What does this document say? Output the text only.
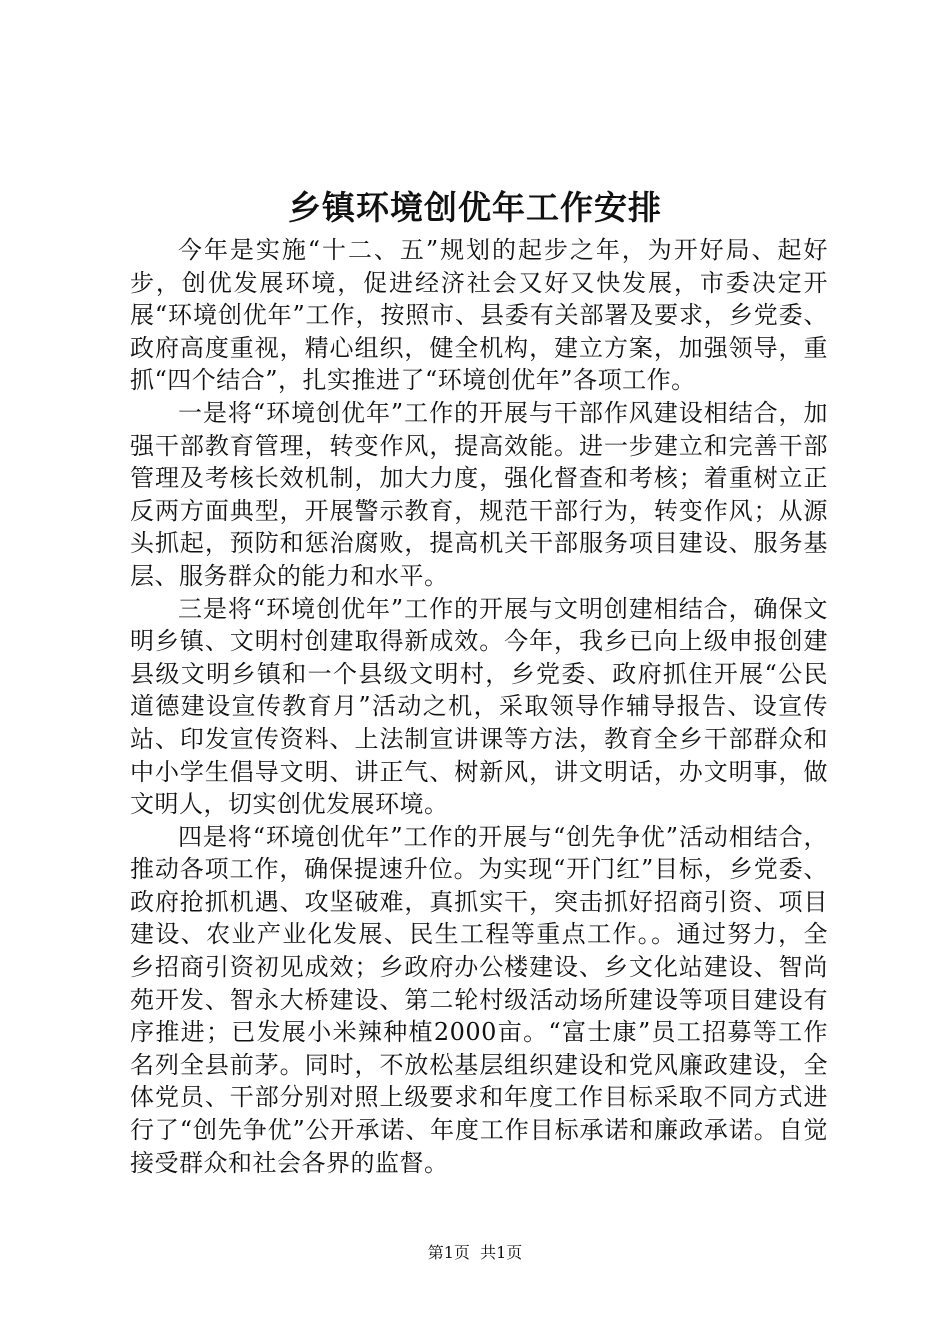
乡镇环境创优年工作安排

今年是实施“十二、五”规划的起步之年，为开好局、起好步，创优发展环境，促进经济社会又好又快发展，市委决定开展“环境创优年”工作，按照市、县委有关部署及要求，乡党委、政府高度重视，精心组织，健全机构，建立方案，加强领导，重抓“四个结合”，扎实推进了“环境创优年”各项工作。

一是将“环境创优年”工作的开展与干部作风建设相结合，加强干部教育管理，转变作风，提高效能。进一步建立和完善干部管理及考核长效机制，加大力度，强化督查和考核；着重树立正反两方面典型，开展警示教育，规范干部行为，转变作风；从源头抓起，预防和惩治腐败，提高机关干部服务项目建设、服务基层、服务群众的能力和水平。

三是将“环境创优年”工作的开展与文明创建相结合，确保文明乡镇、文明村创建取得新成效。今年，我乡已向上级申报创建县级文明乡镇和一个县级文明村，乡党委、政府抓住开展“公民道德建设宣传教育月”活动之机，采取领导作辅导报告、设宣传站、印发宣传资料、上法制宣讲课等方法，教育全乡干部群众和中小学生倡导文明、讲正气、树新风，讲文明话，办文明事，做文明人，切实创优发展环境。

四是将“环境创优年”工作的开展与“创先争优”活动相结合，推动各项工作，确保提速升位。为实现“开门红”目标，乡党委、政府抢抓机遇、攻坚破难，真抓实干，突击抓好招商引资、项目建设、农业产业化发展、民生工程等重点工作。。通过努力，全乡招商引资初见成效；乡政府办公楼建设、乡文化站建设、智尚苑开发、智永大桥建设、第二轮村级活动场所建设等项目建设有序推进；已发展小米辣种植2000亩。“富士康”员工招募等工作名列全县前茅。同时，不放松基层组织建设和党风廉政建设，全体党员、干部分别对照上级要求和年度工作目标采取不同方式进行了“创先争优”公开承诺、年度工作目标承诺和廉政承诺。自觉接受群众和社会各界的监督。

第1页 共1页
